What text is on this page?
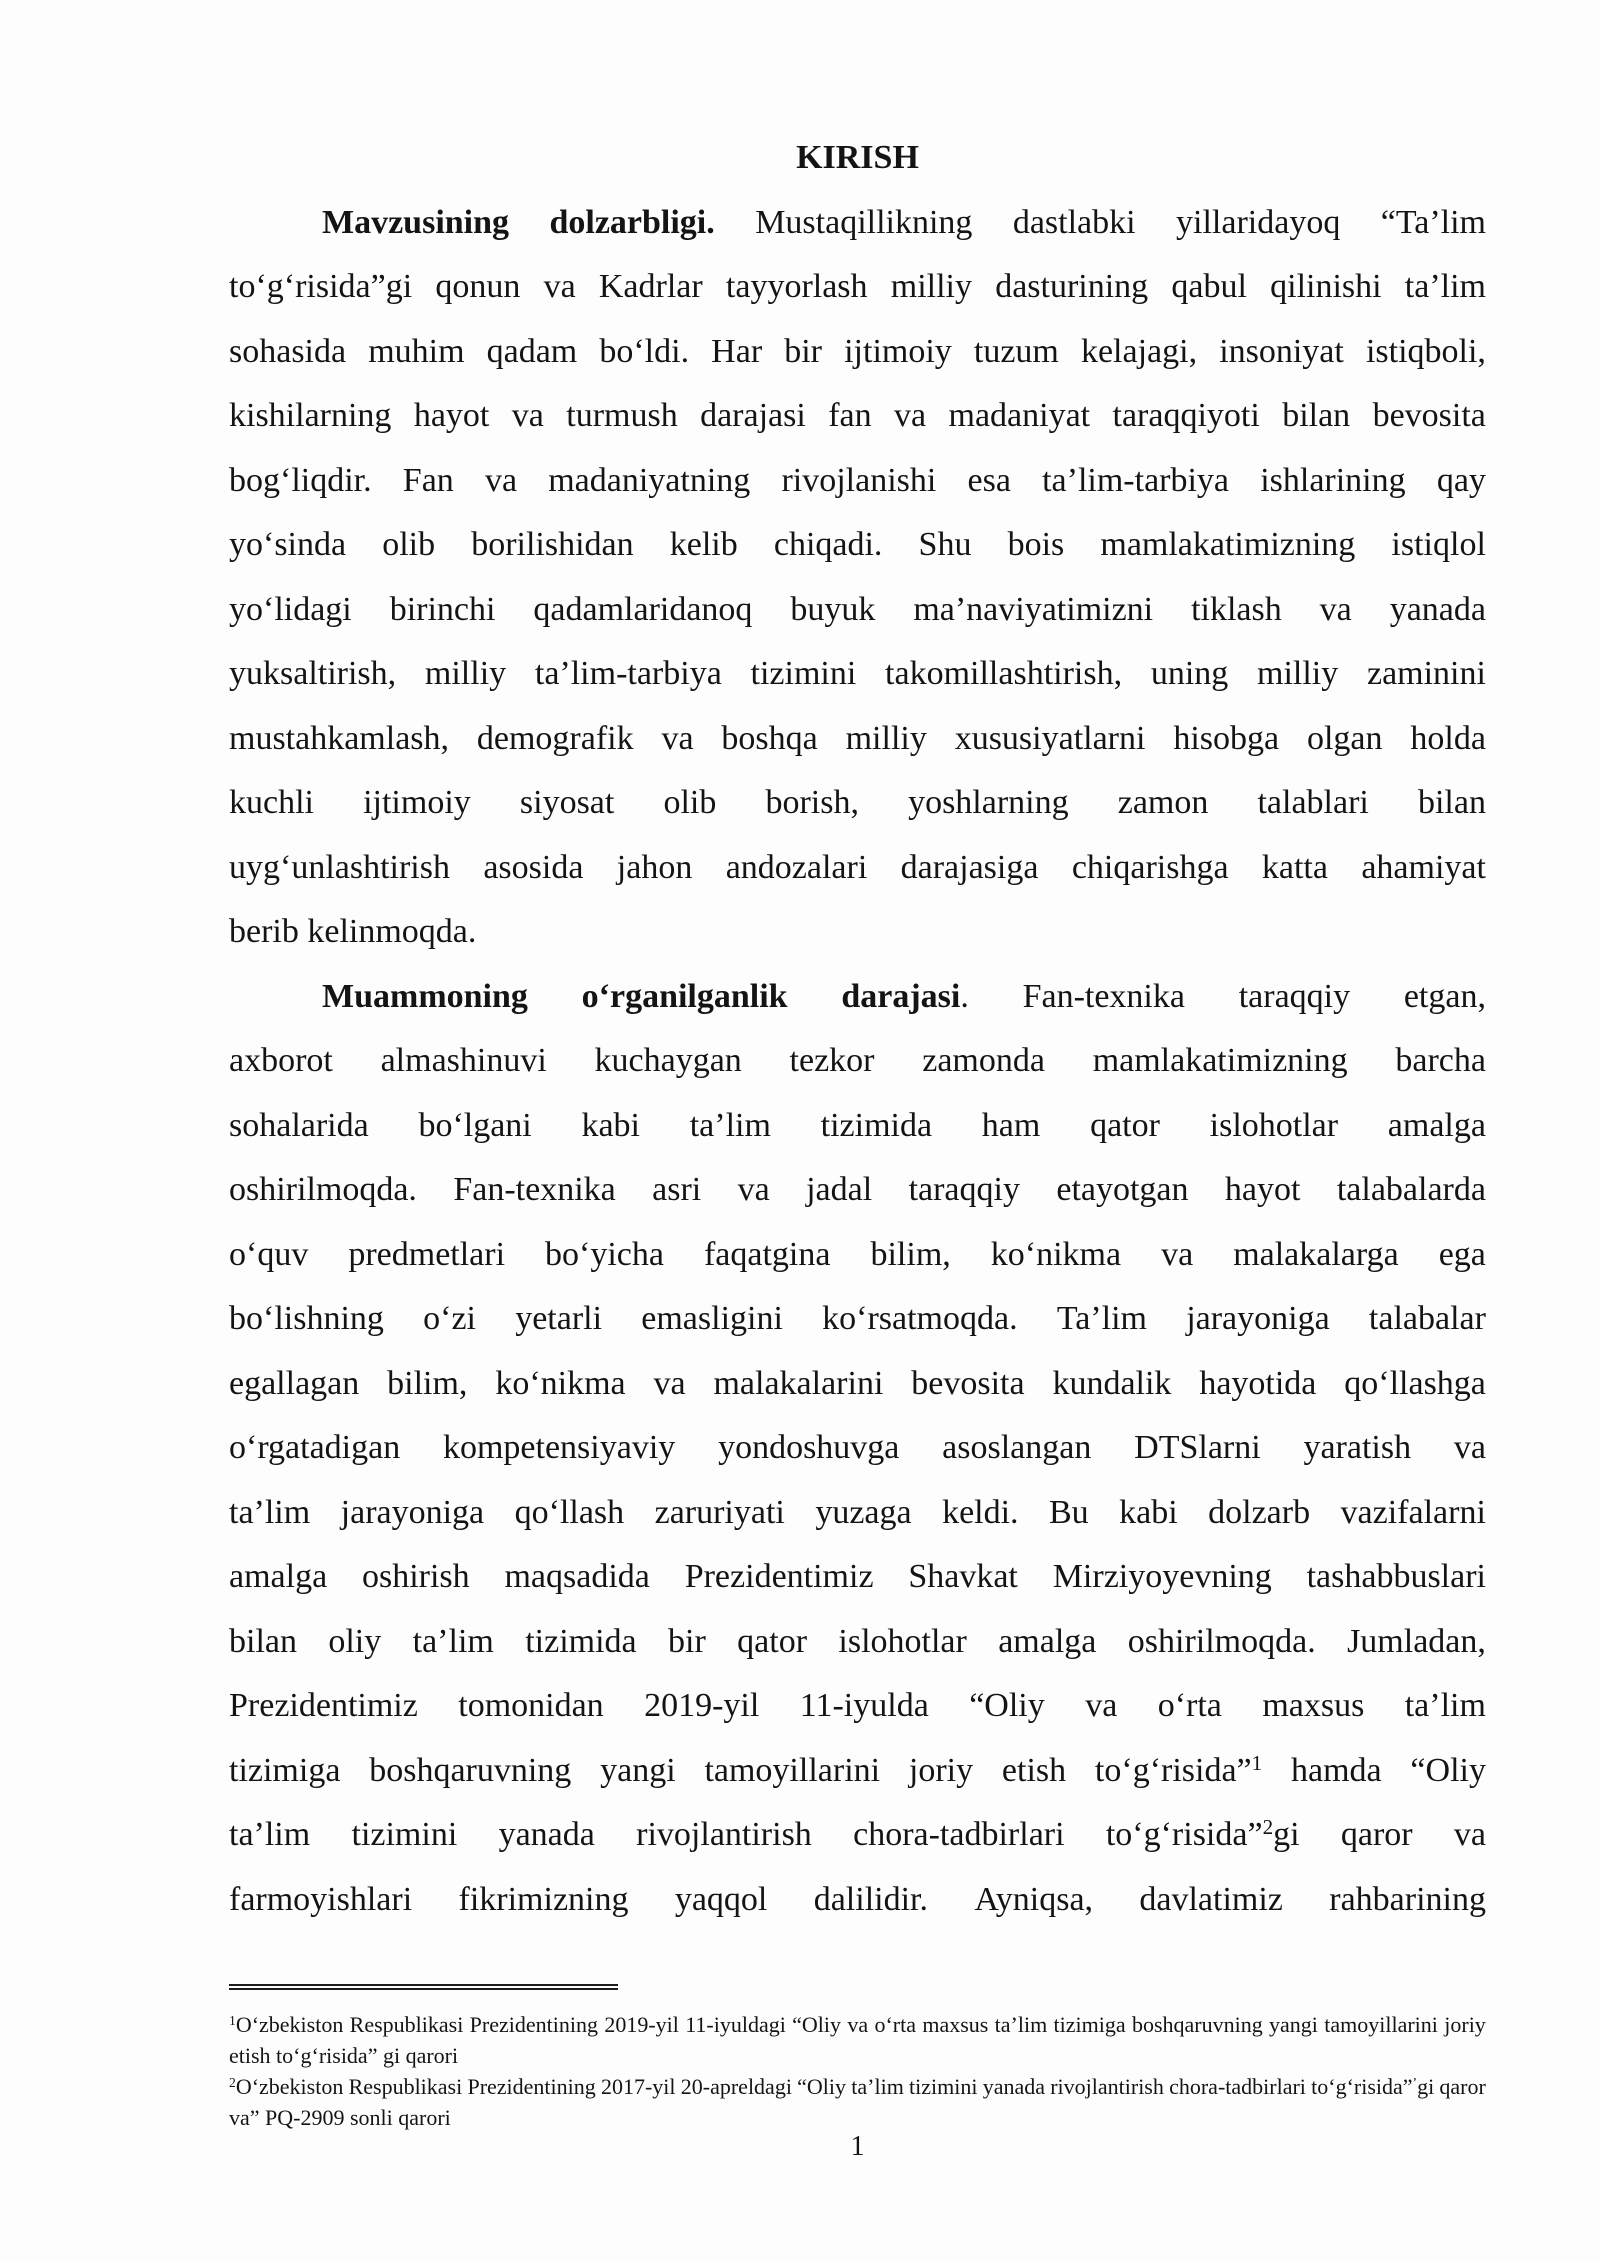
KIRISH
Mavzusining dolzarbligi. Mustaqillikning dastlabki yillaridayoq “Ta’lim
to‘g‘risida”gi qonun va Kadrlar tayyorlash milliy dasturining qabul qilinishi ta’lim
sohasida muhim qadam bo‘ldi. Har bir ijtimoiy tuzum kelajagi, insoniyat istiqboli,
kishilarning hayot va turmush darajasi fan va madaniyat taraqqiyoti bilan bevosita
bog‘liqdir. Fan va madaniyatning rivojlanishi esa ta’lim-tarbiya ishlarining qay
yo‘sinda olib borilishidan kelib chiqadi. Shu bois mamlakatimizning istiqlol
yo‘lidagi birinchi qadamlaridanoq buyuk ma’naviyatimizni tiklash va yanada
yuksaltirish, milliy ta’lim-tarbiya tizimini takomillashtirish, uning milliy zaminini
mustahkamlash, demografik va boshqa milliy xususiyatlarni hisobga olgan holda
kuchli ijtimoiy siyosat olib borish, yoshlarning zamon talablari bilan
uyg‘unlashtirish asosida jahon andozalari darajasiga chiqarishga katta ahamiyat
berib kelinmoqda.
Muammoning o‘rganilganlik darajasi. Fan-texnika taraqqiy etgan,
axborot almashinuvi kuchaygan tezkor zamonda mamlakatimizning barcha
sohalarida bo‘lgani kabi ta’lim tizimida ham qator islohotlar amalga
oshirilmoqda. Fan-texnika asri va jadal taraqqiy etayotgan hayot talabalarda
o‘quv predmetlari bo‘yicha faqatgina bilim, ko‘nikma va malakalarga ega
bo‘lishning o‘zi yetarli emasligini ko‘rsatmoqda. Ta’lim jarayoniga talabalar
egallagan bilim, ko‘nikma va malakalarini bevosita kundalik hayotida qo‘llashga
o‘rgatadigan kompetensiyaviy yondoshuvga asoslangan DTSlarni yaratish va
ta’lim jarayoniga qo‘llash zaruriyati yuzaga keldi. Bu kabi dolzarb vazifalarni
amalga oshirish maqsadida Prezidentimiz Shavkat Mirziyoyevning tashabbuslari
bilan oliy ta’lim tizimida bir qator islohotlar amalga oshirilmoqda. Jumladan,
Prezidentimiz tomonidan 2019-yil 11-iyulda “Oliy va o‘rta maxsus ta’lim
tizimiga boshqaruvning yangi tamoyillarini joriy etish to‘g‘risida”$^1$ hamda “Oliy
ta’lim tizimini yanada rivojlantirish chora-tadbirlari to‘g‘risida”$^2$gi qaror va
farmoyishlari fikrimizning yaqqol dalilidir. Ayniqsa, davlatimiz rahbarining
$^1$O‘zbekiston Respublikasi Prezidentining 2019-yil 11-iyuldagi “Oliy va o‘rta maxsus ta’lim tizimiga boshqaruvning yangi tamoyillarini joriy
etish to‘g‘risida” gi qarori
$^2$O‘zbekiston Respublikasi Prezidentining 2017-yil 20-apreldagi “Oliy ta’lim tizimini yanada rivojlantirish chora-tadbirlari to‘g‘risida”’gi qaror
va” PQ-2909 sonli qarori
1
